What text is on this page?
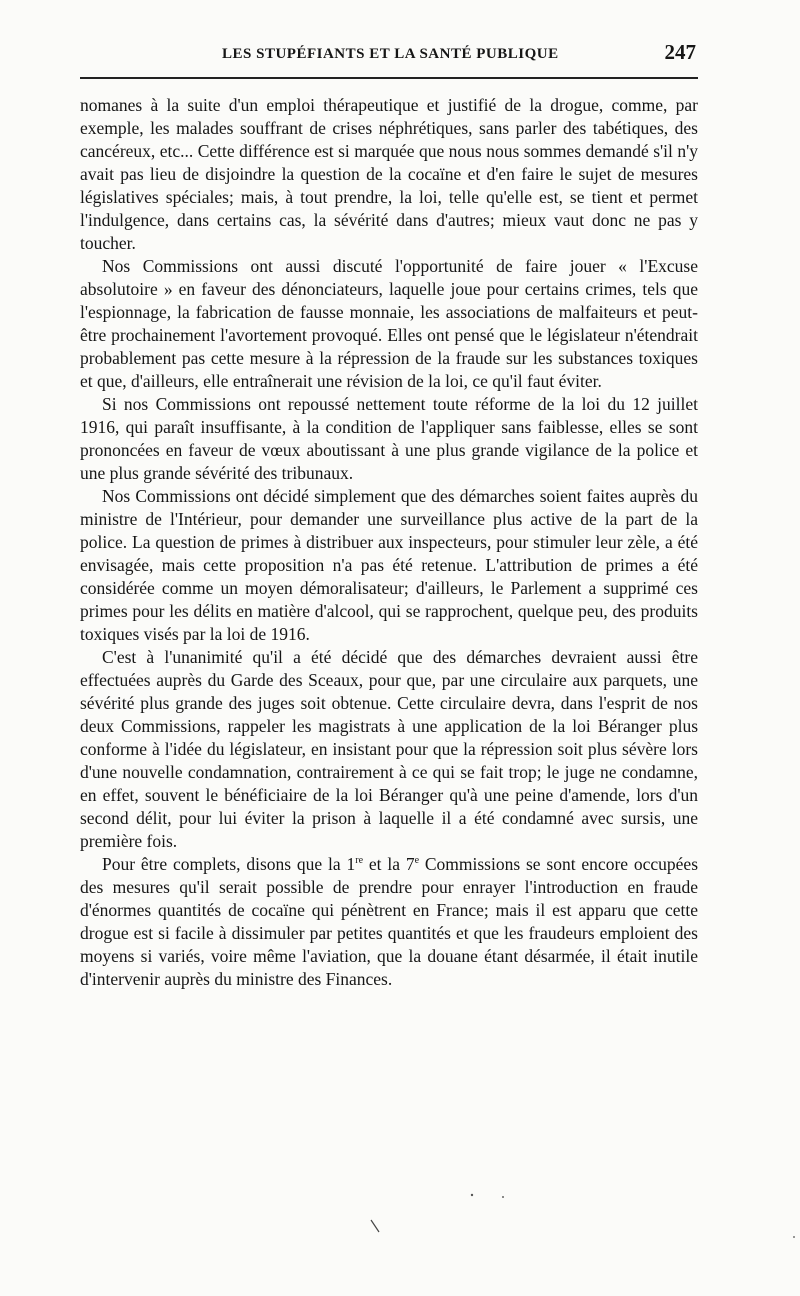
LES STUPÉFIANTS ET LA SANTÉ PUBLIQUE	247

nomanes à la suite d'un emploi thérapeutique et justifié de la drogue, comme, par exemple, les malades souffrant de crises néphrétiques, sans parler des tabétiques, des cancéreux, etc... Cette différence est si marquée que nous nous sommes demandé s'il n'y avait pas lieu de disjoindre la question de la cocaïne et d'en faire le sujet de mesures législatives spéciales; mais, à tout prendre, la loi, telle qu'elle est, se tient et permet l'indulgence, dans certains cas, la sévérité dans d'autres; mieux vaut donc ne pas y toucher.

Nos Commissions ont aussi discuté l'opportunité de faire jouer « l'Excuse absolutoire » en faveur des dénonciateurs, laquelle joue pour certains crimes, tels que l'espionnage, la fabrication de fausse monnaie, les associations de malfaiteurs et peut-être prochainement l'avortement provoqué. Elles ont pensé que le législateur n'étendrait probablement pas cette mesure à la répression de la fraude sur les substances toxiques et que, d'ailleurs, elle entraînerait une révision de la loi, ce qu'il faut éviter.

Si nos Commissions ont repoussé nettement toute réforme de la loi du 12 juillet 1916, qui paraît insuffisante, à la condition de l'appliquer sans faiblesse, elles se sont prononcées en faveur de vœux aboutissant à une plus grande vigilance de la police et une plus grande sévérité des tribunaux.

Nos Commissions ont décidé simplement que des démarches soient faites auprès du ministre de l'Intérieur, pour demander une surveillance plus active de la part de la police. La question de primes à distribuer aux inspecteurs, pour stimuler leur zèle, a été envisagée, mais cette proposition n'a pas été retenue. L'attribution de primes a été considérée comme un moyen démoralisateur; d'ailleurs, le Parlement a supprimé ces primes pour les délits en matière d'alcool, qui se rapprochent, quelque peu, des produits toxiques visés par la loi de 1916.

C'est à l'unanimité qu'il a été décidé que des démarches devraient aussi être effectuées auprès du Garde des Sceaux, pour que, par une circulaire aux parquets, une sévérité plus grande des juges soit obtenue. Cette circulaire devra, dans l'esprit de nos deux Commissions, rappeler les magistrats à une application de la loi Béranger plus conforme à l'idée du législateur, en insistant pour que la répression soit plus sévère lors d'une nouvelle condamnation, contrairement à ce qui se fait trop; le juge ne condamne, en effet, souvent le bénéficiaire de la loi Béranger qu'à une peine d'amende, lors d'un second délit, pour lui éviter la prison à laquelle il a été condamné avec sursis, une première fois.

Pour être complets, disons que la 1re et la 7e Commissions se sont encore occupées des mesures qu'il serait possible de prendre pour enrayer l'introduction en fraude d'énormes quantités de cocaïne qui pénètrent en France; mais il est apparu que cette drogue est si facile à dissimuler par petites quantités et que les fraudeurs emploient des moyens si variés, voire même l'aviation, que la douane étant désarmée, il était inutile d'intervenir auprès du ministre des Finances.
